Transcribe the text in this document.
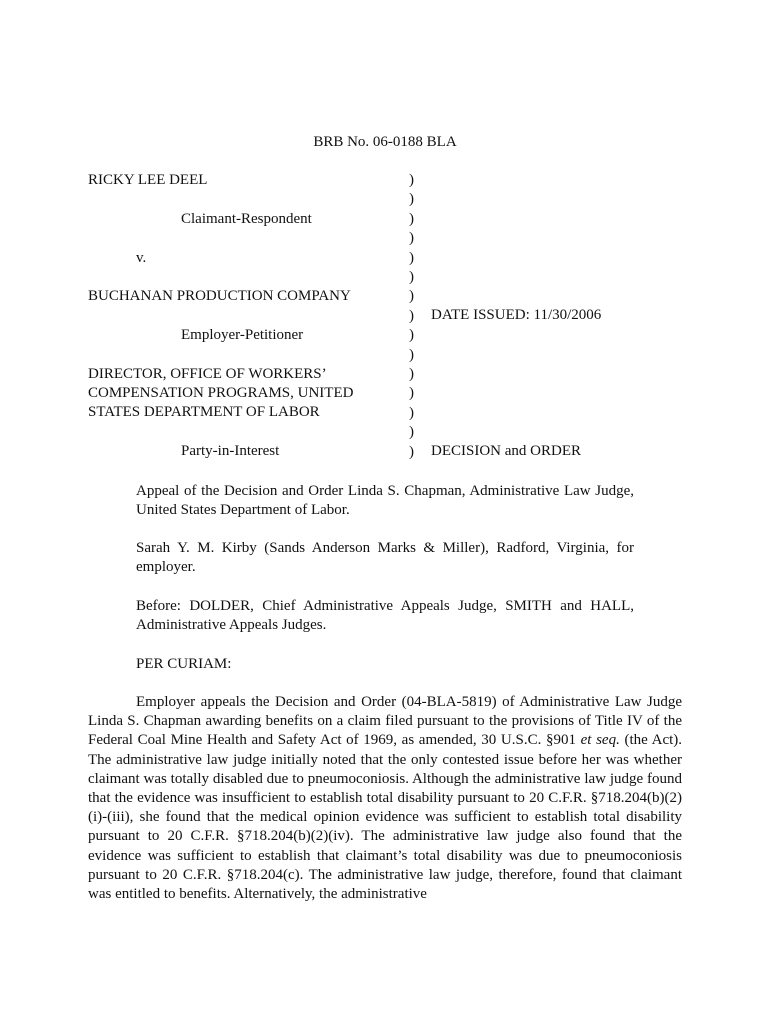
BRB No. 06-0188 BLA
RICKY LEE DEEL
Claimant-Respondent
v.
BUCHANAN PRODUCTION COMPANY
Employer-Petitioner
DIRECTOR, OFFICE OF WORKERS’
COMPENSATION PROGRAMS, UNITED
STATES DEPARTMENT OF LABOR
Party-in-Interest
)
)
)
)
)
)
)
)
)
)
)
)
)
)
)
DATE ISSUED: 11/30/2006
DECISION and ORDER
Appeal of the Decision and Order Linda S. Chapman, Administrative Law Judge, United States Department of Labor.
Sarah Y. M. Kirby (Sands Anderson Marks & Miller), Radford, Virginia, for employer.
Before: DOLDER, Chief Administrative Appeals Judge, SMITH and HALL, Administrative Appeals Judges.
PER CURIAM:
Employer appeals the Decision and Order (04-BLA-5819) of Administrative Law Judge Linda S. Chapman awarding benefits on a claim filed pursuant to the provisions of Title IV of the Federal Coal Mine Health and Safety Act of 1969, as amended, 30 U.S.C. §901 et seq. (the Act). The administrative law judge initially noted that the only contested issue before her was whether claimant was totally disabled due to pneumoconiosis. Although the administrative law judge found that the evidence was insufficient to establish total disability pursuant to 20 C.F.R. §718.204(b)(2)(i)-(iii), she found that the medical opinion evidence was sufficient to establish total disability pursuant to 20 C.F.R. §718.204(b)(2)(iv). The administrative law judge also found that the evidence was sufficient to establish that claimant’s total disability was due to pneumoconiosis pursuant to 20 C.F.R. §718.204(c). The administrative law judge, therefore, found that claimant was entitled to benefits. Alternatively, the administrative
